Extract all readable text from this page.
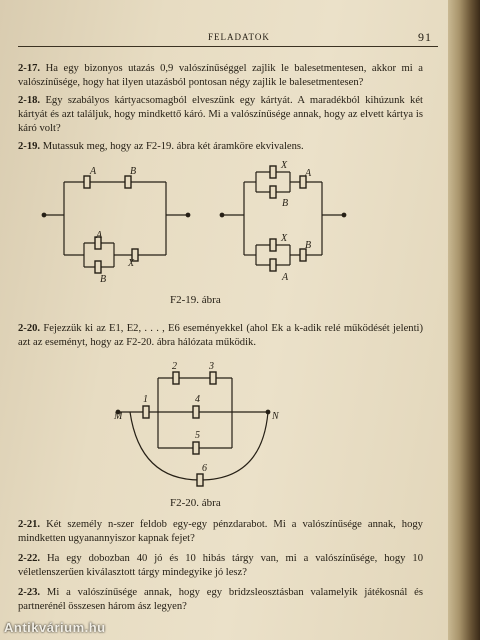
FELADATOK	91
2-17. Ha egy bizonyos utazás 0,9 valószínűséggel zajlik le balesetmentesen, akkor mi a valószínűsége, hogy hat ilyen utazásból pontosan négy zajlik le balesetmentesen?
2-18. Egy szabályos kártyacsomagból elveszünk egy kártyát. A maradékból kihúzunk két kártyát és azt találjuk, hogy mindkettő káró. Mi a valószínűsége annak, hogy az elvett kártya is káró volt?
2-19. Mutassuk meg, hogy az F2-19. ábra két áramköre ekvivalens.
A	B
A
B
X
X
B
A
X
A
B
M	N
1
2	3
4
5
6
F2-19. ábra
2-20. Fejezzük ki az E1, E2, . . . , E6 eseményekkel (ahol Ek a k-adik relé működését jelenti) azt az eseményt, hogy az F2-20. ábra hálózata működik.
F2-20. ábra
2-21. Két személy n-szer feldob egy-egy pénzdarabot. Mi a valószínűsége annak, hogy mindketten ugyanannyiszor kapnak fejet?
2-22. Ha egy dobozban 40 jó és 10 hibás tárgy van, mi a valószínűsége, hogy 10 véletlenszerűen kiválasztott tárgy mindegyike jó lesz?
2-23. Mi a valószínűsége annak, hogy egy bridzsleosztásban valamelyik játékosnál és partnerénél összesen három ász legyen?
Antikvárium.hu
